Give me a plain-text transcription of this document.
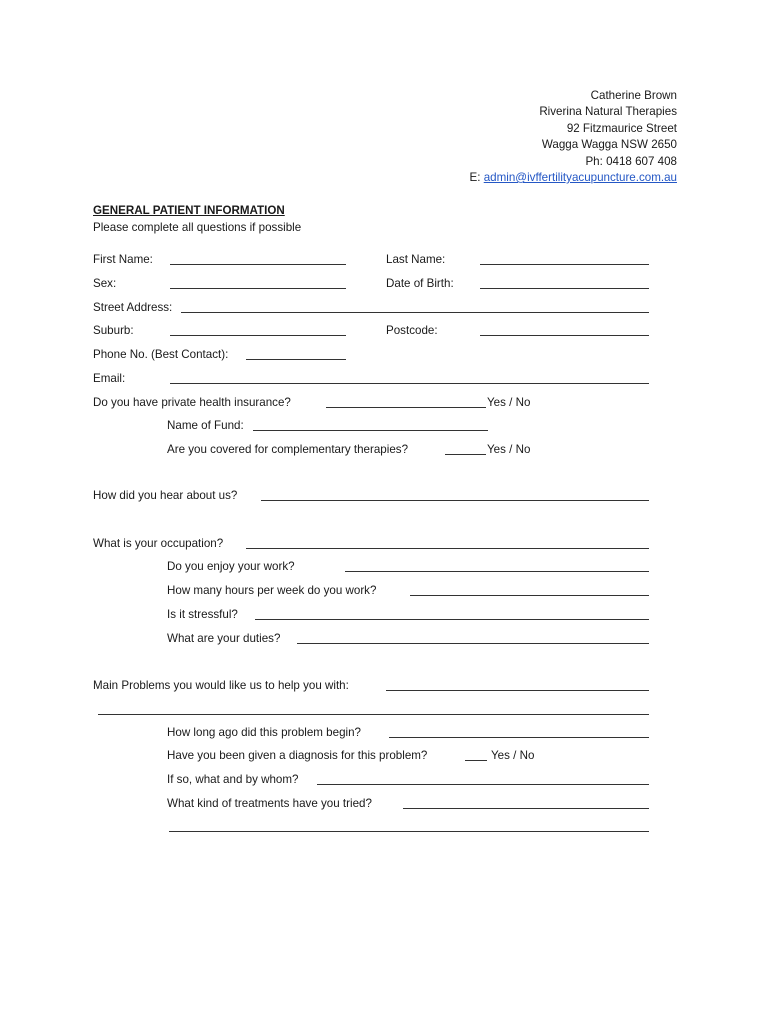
Catherine Brown
Riverina Natural Therapies
92 Fitzmaurice Street
Wagga Wagga NSW 2650
Ph: 0418 607 408
E: admin@ivffertilityacupuncture.com.au
GENERAL PATIENT INFORMATION
Please complete all questions if possible
First Name:	Last Name:
Sex:	Date of Birth:
Street Address:
Suburb:	Postcode:
Phone No. (Best Contact):
Email:
Do you have private health insurance?	Yes / No
Name of Fund:
Are you covered for complementary therapies?	Yes / No
How did you hear about us?
What is your occupation?
Do you enjoy your work?
How many hours per week do you work?
Is it stressful?
What are your duties?
Main Problems you would like us to help you with:
How long ago did this problem begin?
Have you been given a diagnosis for this problem?	Yes / No
If so, what and by whom?
What kind of treatments have you tried?
